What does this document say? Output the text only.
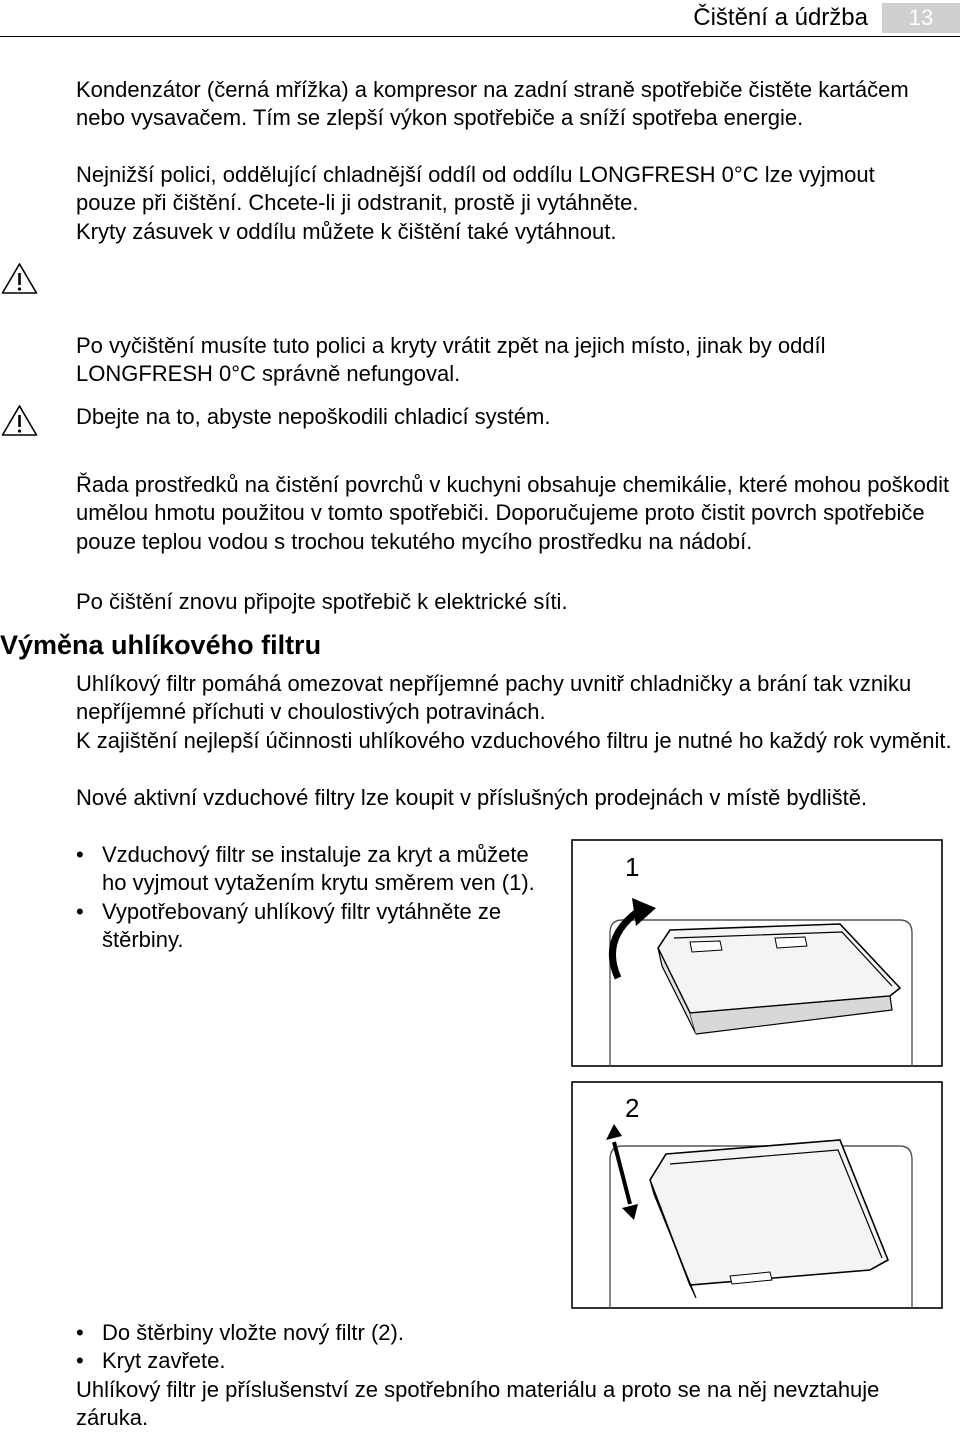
Čištění a údržba	13

Kondenzátor (černá mřížka) a kompresor na zadní straně spotřebiče čistěte kartáčem nebo vysavačem. Tím se zlepší výkon spotřebiče a sníží spotřeba energie.

Nejnižší polici, oddělující chladnější oddíl od oddílu LONGFRESH 0°C lze vyjmout pouze při čištění. Chcete-li ji odstranit, prostě ji vytáhněte.

Kryty zásuvek v oddílu můžete k čištění také vytáhnout.

Po vyčištění musíte tuto polici a kryty vrátit zpět na jejich místo, jinak by oddíl LONGFRESH 0°C správně nefungoval.

Dbejte na to, abyste nepoškodili chladicí systém.

Řada prostředků na čistění povrchů v kuchyni obsahuje chemikálie, které mohou poškodit umělou hmotu použitou v tomto spotřebiči. Doporučujeme proto čistit povrch spotřebiče pouze teplou vodou s trochou tekutého mycího prostředku na nádobí.

Po čištění znovu připojte spotřebič k elektrické síti.

Výměna uhlíkového filtru

Uhlíkový filtr pomáhá omezovat nepříjemné pachy uvnitř chladničky a brání tak vzniku nepříjemné příchuti v choulostivých potravinách.

K zajištění nejlepší účinnosti uhlíkového vzduchového filtru je nutné ho každý rok vyměnit.

Nové aktivní vzduchové filtry lze koupit v příslušných prodejnách v místě bydliště.

• Vzduchový filtr se instaluje za kryt a můžete ho vyjmout vytažením krytu směrem ven (1).
• Vypotřebovaný uhlíkový filtr vytáhněte ze štěrbiny.
1
2
• Do štěrbiny vložte nový filtr (2).
• Kryt zavřete.

Uhlíkový filtr je příslušenství ze spotřebního materiálu a proto se na něj nevztahuje záruka.
